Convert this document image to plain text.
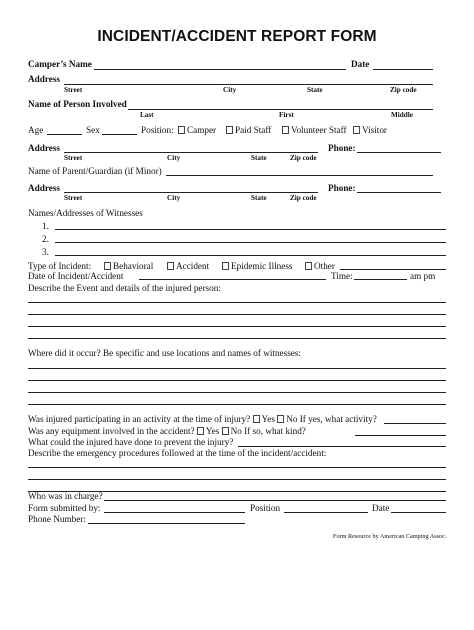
INCIDENT/ACCIDENT REPORT FORM
Camper’s Name	Date
Address
Street	City	State	Zip code
Name of Person Involved
Last	First	Middle
Age	Sex	Position:	Camper	Paid Staff	Volunteer Staff	Visitor
Address	Phone:
Street	City	State	Zip code
Name of Parent/Guardian (if Minor)
Address	Phone:
Street	City	State	Zip code
Names/Addresses of Witnesses
1.
2.
3.
Type of Incident:	Behavioral	Accident	Epidemic Illness	Other
Date of Incident/Accident	Time:	am pm
Describe the Event and details of the injured person:
Where did it occur? Be specific and use locations and names of witnesses:
Was injured participating in an activity at the time of injury? Yes No If yes, what activity?
Was any equipment involved in the accident? Yes No If so, what kind?
What could the injured have done to prevent the injury?
Describe the emergency procedures followed at the time of the incident/accident:
Who was in charge?
Form submitted by:	Position	Date
Phone Number:
Form Resource by American Camping Assoc.
